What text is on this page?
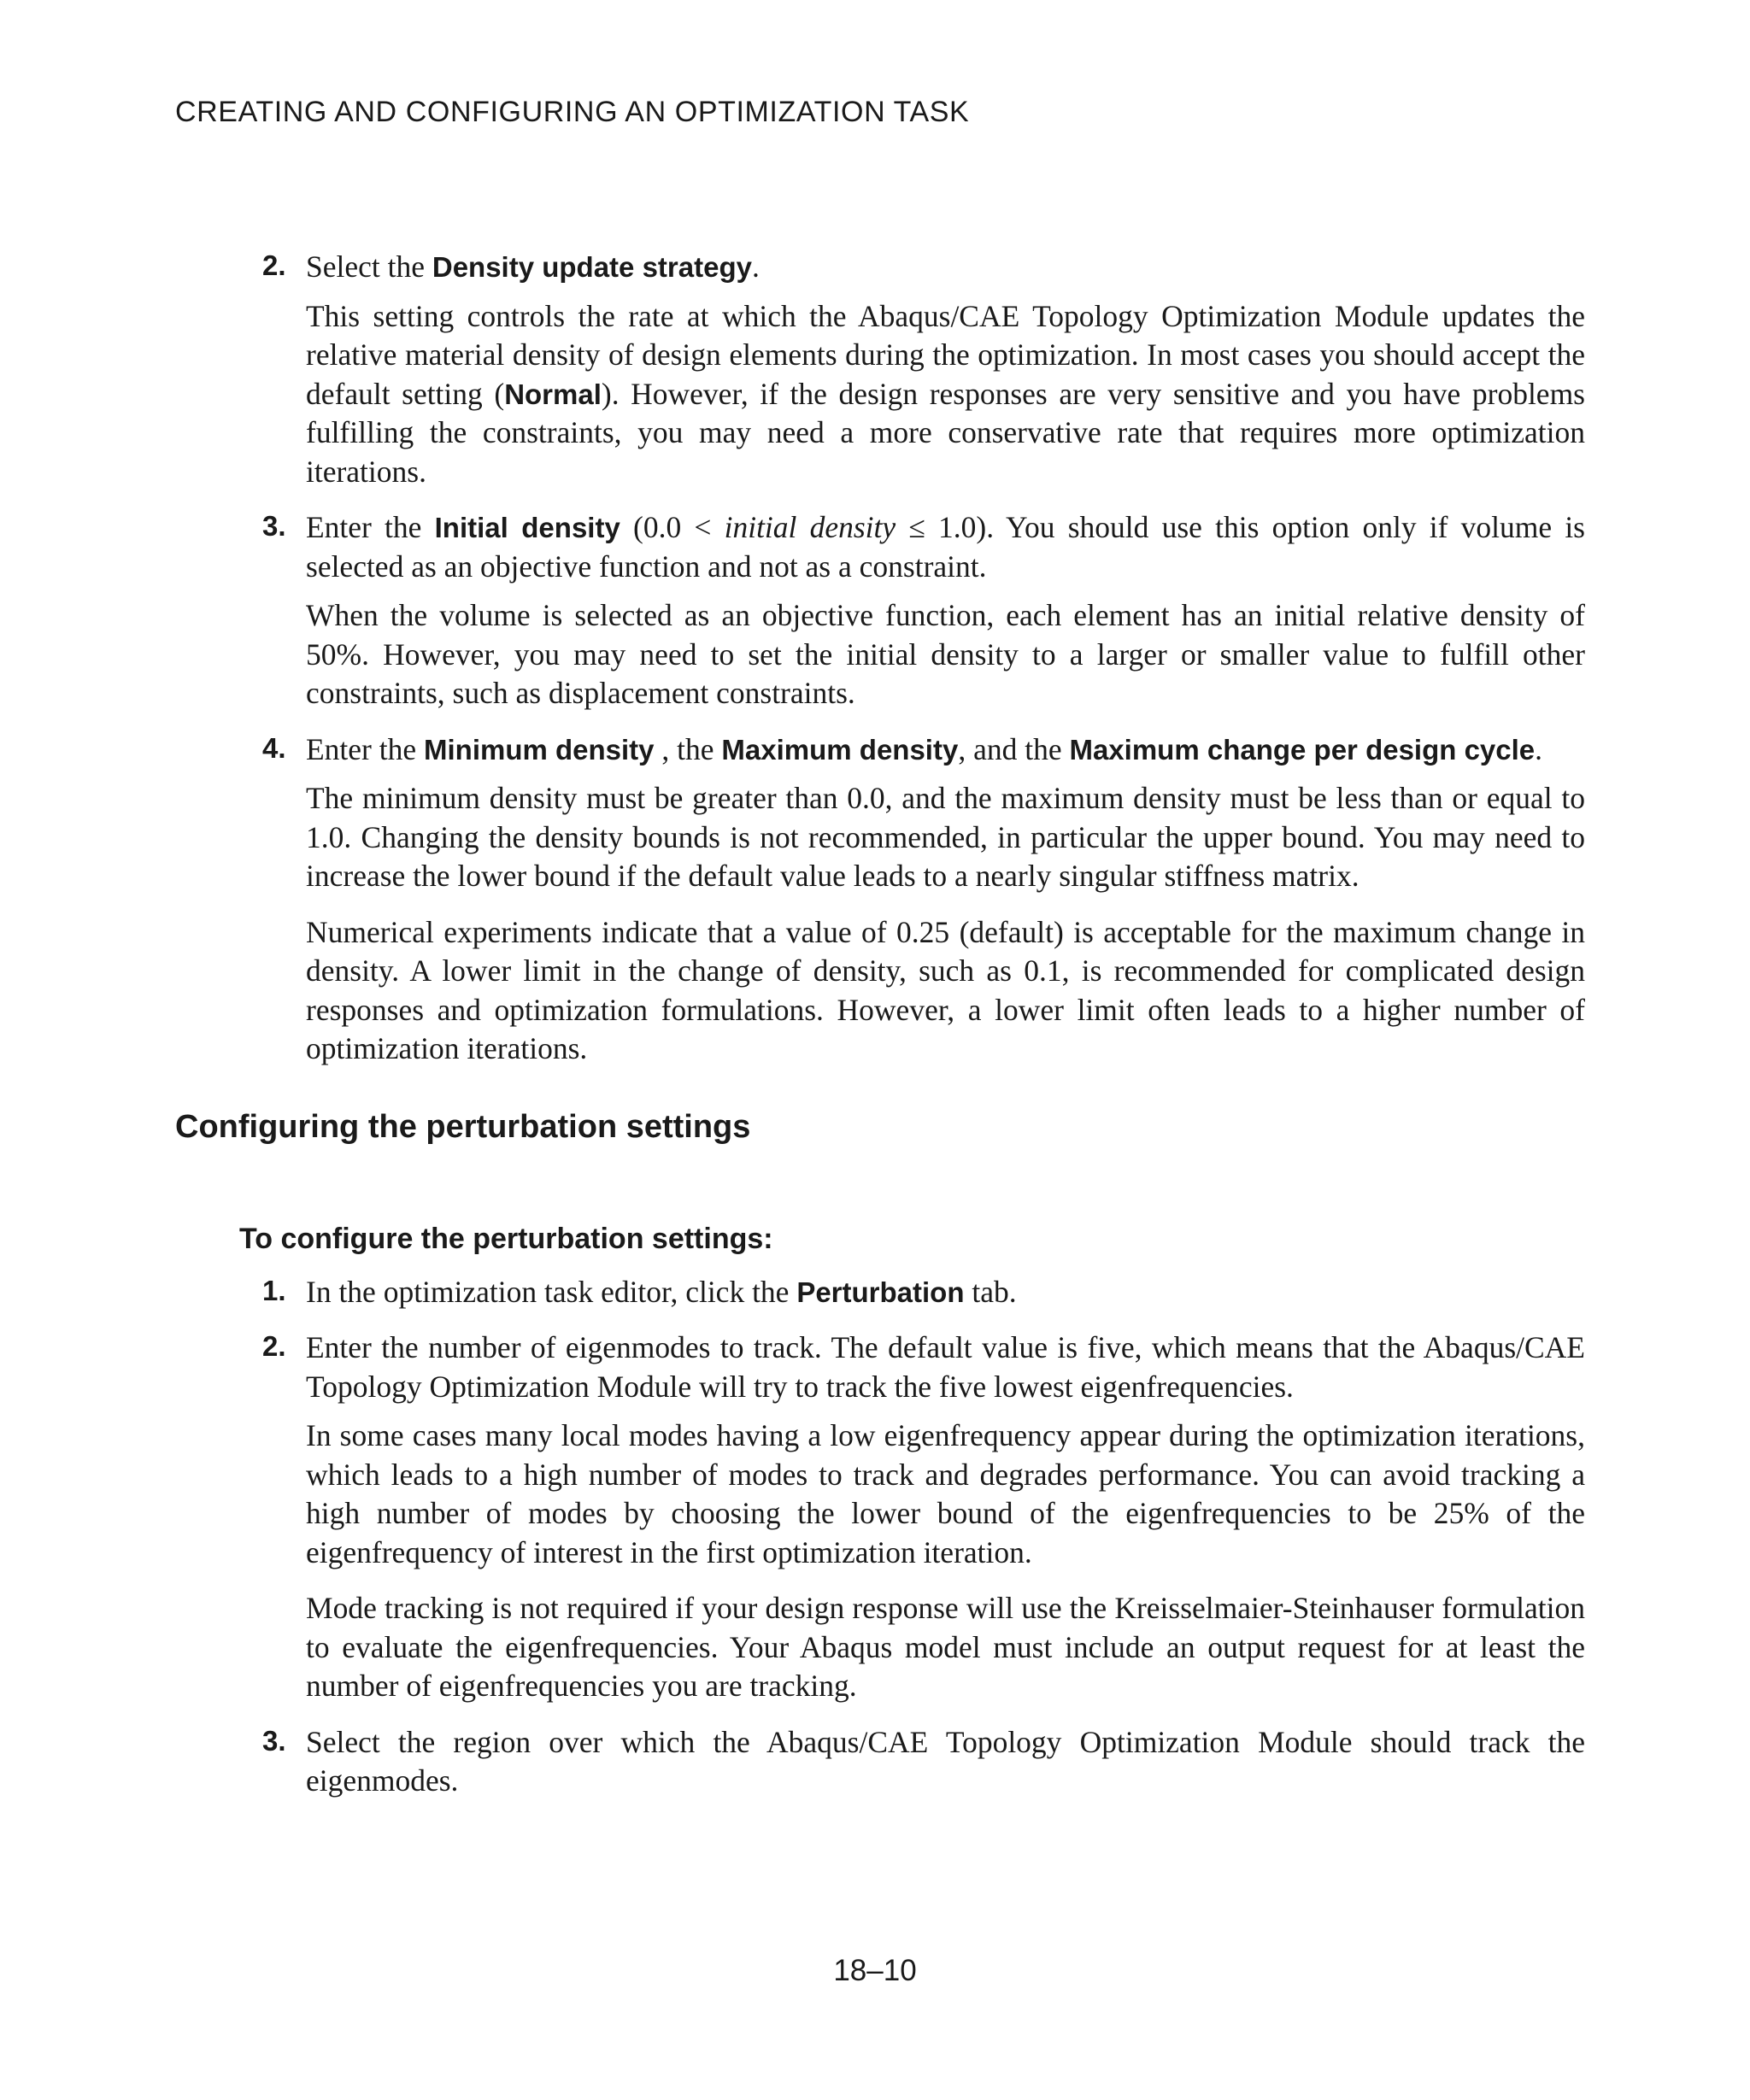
CREATING AND CONFIGURING AN OPTIMIZATION TASK
2. Select the Density update strategy.

This setting controls the rate at which the Abaqus/CAE Topology Optimization Module updates the relative material density of design elements during the optimization. In most cases you should accept the default setting (Normal). However, if the design responses are very sensitive and you have problems fulfilling the constraints, you may need a more conservative rate that requires more optimization iterations.

3. Enter the Initial density (0.0 < initial density ≤ 1.0). You should use this option only if volume is selected as an objective function and not as a constraint.

When the volume is selected as an objective function, each element has an initial relative density of 50%. However, you may need to set the initial density to a larger or smaller value to fulfill other constraints, such as displacement constraints.

4. Enter the Minimum density , the Maximum density, and the Maximum change per design cycle.

The minimum density must be greater than 0.0, and the maximum density must be less than or equal to 1.0. Changing the density bounds is not recommended, in particular the upper bound. You may need to increase the lower bound if the default value leads to a nearly singular stiffness matrix.

Numerical experiments indicate that a value of 0.25 (default) is acceptable for the maximum change in density. A lower limit in the change of density, such as 0.1, is recommended for complicated design responses and optimization formulations. However, a lower limit often leads to a higher number of optimization iterations.

Configuring the perturbation settings
To configure the perturbation settings:
1. In the optimization task editor, click the Perturbation tab.

2. Enter the number of eigenmodes to track. The default value is five, which means that the Abaqus/CAE Topology Optimization Module will try to track the five lowest eigenfrequencies.

In some cases many local modes having a low eigenfrequency appear during the optimization iterations, which leads to a high number of modes to track and degrades performance. You can avoid tracking a high number of modes by choosing the lower bound of the eigenfrequencies to be 25% of the eigenfrequency of interest in the first optimization iteration.

Mode tracking is not required if your design response will use the Kreisselmaier-Steinhauser formulation to evaluate the eigenfrequencies. Your Abaqus model must include an output request for at least the number of eigenfrequencies you are tracking.

3. Select the region over which the Abaqus/CAE Topology Optimization Module should track the eigenmodes.

18–10
